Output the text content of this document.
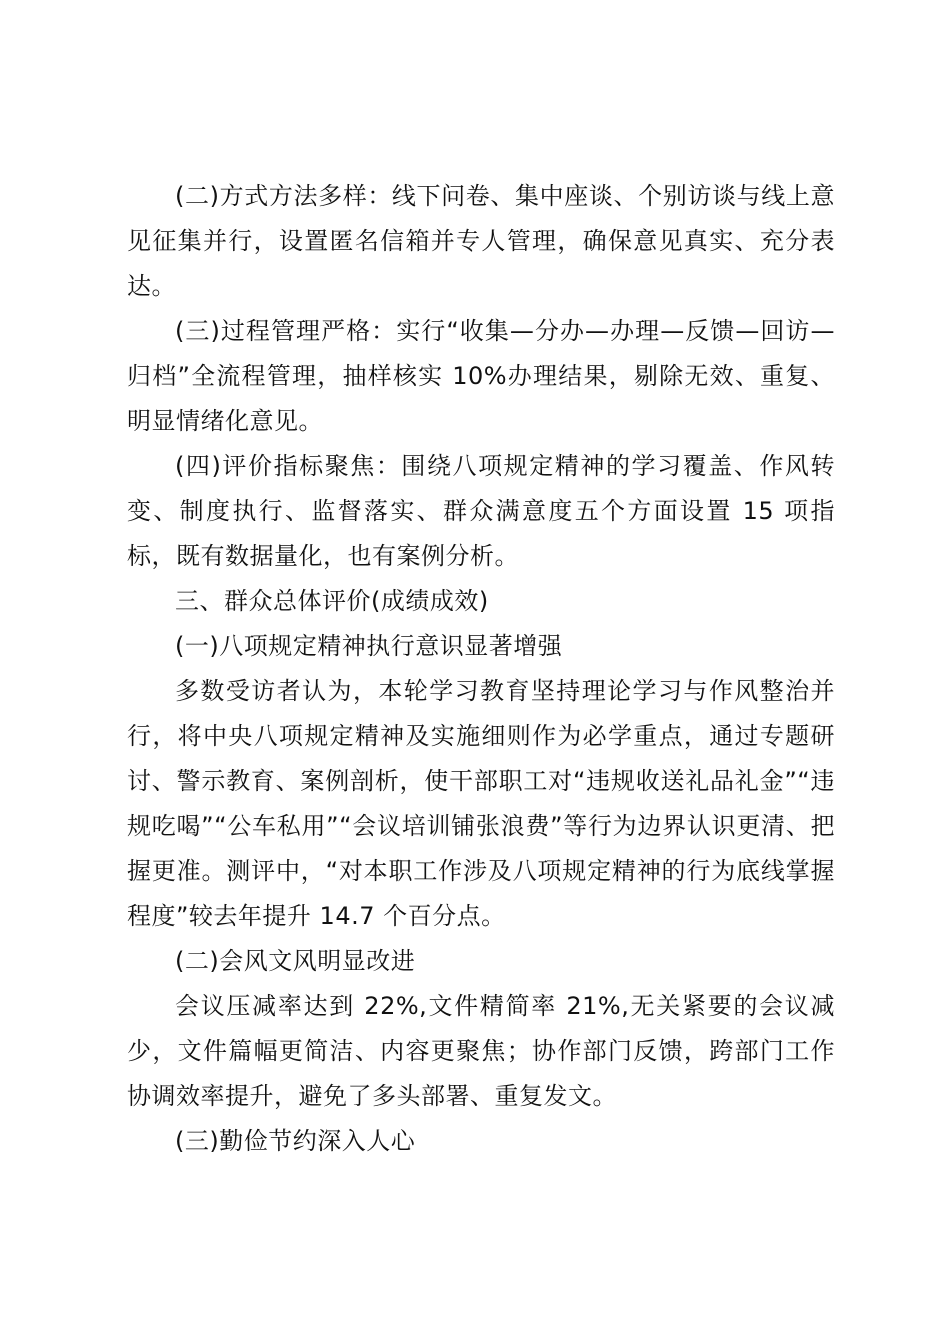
(二)方式方法多样：线下问卷、集中座谈、个别访谈与线上意见征集并行，设置匿名信箱并专人管理，确保意见真实、充分表达。

(三)过程管理严格：实行“收集—分办—办理—反馈—回访—归档”全流程管理，抽样核实 10%办理结果，剔除无效、重复、明显情绪化意见。

(四)评价指标聚焦：围绕八项规定精神的学习覆盖、作风转变、制度执行、监督落实、群众满意度五个方面设置 15 项指标，既有数据量化，也有案例分析。

三、群众总体评价(成绩成效)

(一)八项规定精神执行意识显著增强

多数受访者认为，本轮学习教育坚持理论学习与作风整治并行，将中央八项规定精神及实施细则作为必学重点，通过专题研讨、警示教育、案例剖析，使干部职工对“违规收送礼品礼金”“违规吃喝”“公车私用”“会议培训铺张浪费”等行为边界认识更清、把握更准。测评中，“对本职工作涉及八项规定精神的行为底线掌握程度”较去年提升 14.7 个百分点。

(二)会风文风明显改进

会议压减率达到 22%,文件精简率 21%,无关紧要的会议减少，文件篇幅更简洁、内容更聚焦；协作部门反馈，跨部门工作协调效率提升，避免了多头部署、重复发文。

(三)勤俭节约深入人心
